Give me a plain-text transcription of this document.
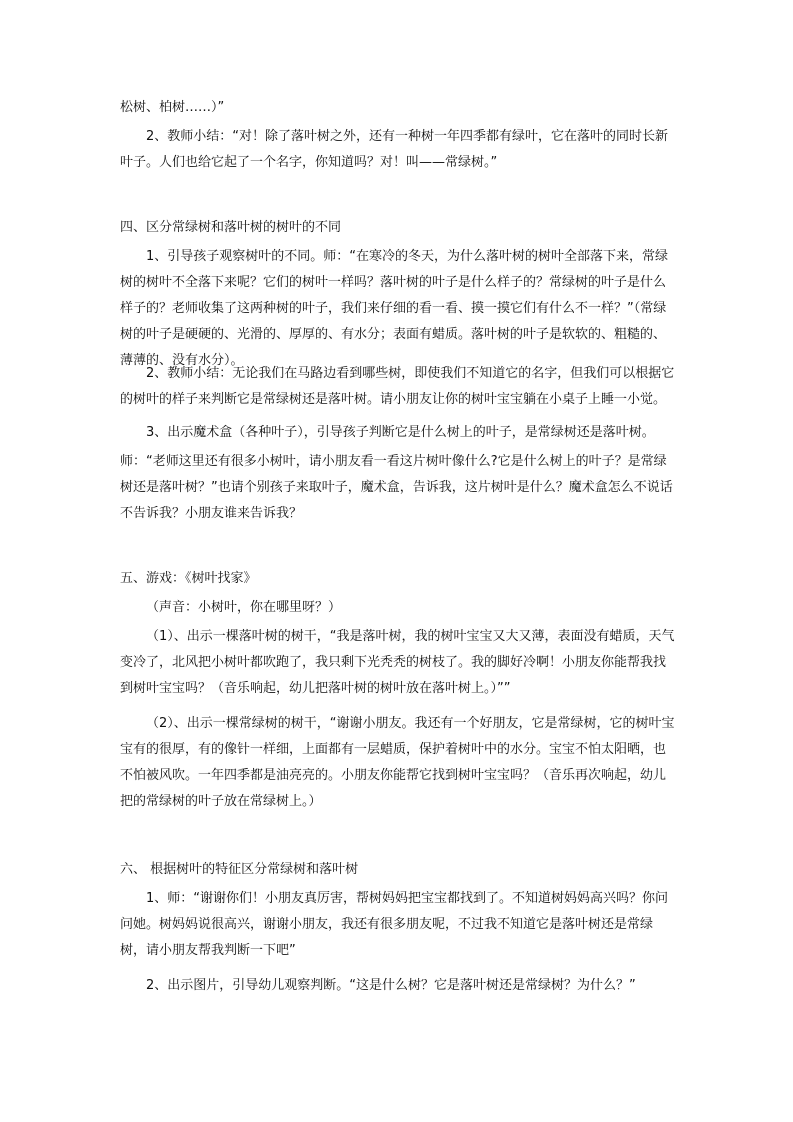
松树、柏树……）”

2、教师小结：“对！除了落叶树之外，还有一种树一年四季都有绿叶，它在落叶的同时长新叶子。人们也给它起了一个名字，你知道吗？对！叫——常绿树。”

四、区分常绿树和落叶树的树叶的不同

1、引导孩子观察树叶的不同。师：“在寒冷的冬天，为什么落叶树的树叶全部落下来，常绿树的树叶不全落下来呢？它们的树叶一样吗？落叶树的叶子是什么样子的？常绿树的叶子是什么样子的？老师收集了这两种树的叶子，我们来仔细的看一看、摸一摸它们有什么不一样？”（常绿树的叶子是硬硬的、光滑的、厚厚的、有水分；表面有蜡质。落叶树的叶子是软软的、粗糙的、薄薄的、没有水分）。

2、教师小结：无论我们在马路边看到哪些树，即使我们不知道它的名字，但我们可以根据它的树叶的样子来判断它是常绿树还是落叶树。请小朋友让你的树叶宝宝躺在小桌子上睡一小觉。

3、出示魔术盒（各种叶子），引导孩子判断它是什么树上的叶子，是常绿树还是落叶树。

师：“老师这里还有很多小树叶，请小朋友看一看这片树叶像什么?它是什么树上的叶子？是常绿树还是落叶树？”也请个别孩子来取叶子，魔术盒，告诉我，这片树叶是什么？魔术盒怎么不说话不告诉我？小朋友谁来告诉我？

五、游戏：《树叶找家》

（声音：小树叶，你在哪里呀？）

（1）、出示一棵落叶树的树干，“我是落叶树，我的树叶宝宝又大又薄，表面没有蜡质，天气变冷了，北风把小树叶都吹跑了，我只剩下光秃秃的树枝了。我的脚好冷啊！小朋友你能帮我找到树叶宝宝吗？（音乐响起，幼儿把落叶树的树叶放在落叶树上。）””

（2）、出示一棵常绿树的树干，“谢谢小朋友。我还有一个好朋友，它是常绿树，它的树叶宝宝有的很厚，有的像针一样细，上面都有一层蜡质，保护着树叶中的水分。宝宝不怕太阳晒，也不怕被风吹。一年四季都是油亮亮的。小朋友你能帮它找到树叶宝宝吗？（音乐再次响起，幼儿把的常绿树的叶子放在常绿树上。）

六、 根据树叶的特征区分常绿树和落叶树

1、师：“谢谢你们！小朋友真厉害，帮树妈妈把宝宝都找到了。不知道树妈妈高兴吗？你问问她。树妈妈说很高兴，谢谢小朋友，我还有很多朋友呢，不过我不知道它是落叶树还是常绿树，请小朋友帮我判断一下吧”

2、出示图片，引导幼儿观察判断。“这是什么树？它是落叶树还是常绿树？为什么？”
